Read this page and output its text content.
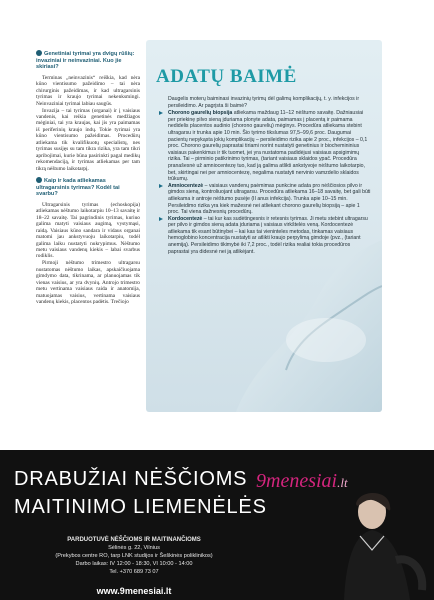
Genetiniai tyrimai yra dvigų rūšių: invaziniai ir neinvaziniai. Kuo jie skiriasi?

Terminas „neinvazinis“ reiškia, kad nėra kūno vientisumo pažeidimo – tai nėra chirurginis pažeidimas, ir kad ultragarsinis tyrimas ir kraujo tyrimai nekenksmingi. Neinvaziniai tyrimai labiau saugūs.

Invazija – tai tyrimas (organai) ir į vaisiaus vandenis, kai reikia genetinės medžiagos mėginiai, tai yra kraujas, kai jis yra paimamas iš periferinių kraujo indų. Tokie tyrimai yra kūno vientisumo pažeidimas. Procedūrų atliekama tik kvalifikuotų specialistų, nes tyrimas susijęs su tam tikra rizika, yra tam tikri apribojimai, kurie būna pasirinkti pagal medikų rekomendaciją, ir tyrimas atliekamas per tam tikrą nėštumo laikotarpį.

Kaip ir kada atliekamas ultragarsinis tyrimas? Kodėl tai svarbu?

Ultragarsinis tyrimas (echoskopija) atliekamas nėštumo laikotarpiu 10–13 savaitę ir 18–22 savaitę. Tai pagrindinis tyrimas, kuriuo galima matyti vaisiaus augimą, vystymąsi, raidą. Vaisiaus kūno sandara ir vidaus organai matomi jau ankstyvuoju laikotarpiu, todėl galima laiku nustatyti nukrypimus. Nėštumo metu vaisiaus vandenų kiekis – labai svarbus rodiklis.

Pirmoji nėštumo trimestro ultragarsu nustatomas nėštumo laikas, apskaičiuojama gimdymo data, tikrinama, ar planuojamas tik vienas vaisius, ar yra dvynių. Antrojo trimestro metu vertinama vaisiaus raida ir anatomija, matuojamas vaisius, vertinama vaisiaus vandenų kiekis, placentos padėtis. Trečiojo

ADATŲ BAIMĖ
Daugelis moterų baiminasi invazinių tyrimų dėl galimų komplikacijų, t. y. infekcijos ir persileidimo. Ar pagrįsta ši baimė?
Chorono gaurelių biopsija atliekama maždaug 11–12 nėštumo savaitę. Dažniausiai per priekinę pilvo sieną įduriama plonyte adata, paimamas į placentą ir paimama nedidelis placentos audinio (chorono gaurelių) mėginys. Procedūra atliekama stebint ultragarsu ir trunka apie 10 min. Šio tyrimo tikslumas 97,5–99,6 proc. Daugumai pacientų nepykąsta jokių komplikacijų – persileidimo rizika apie 2 proc., infekcijos – 0,1 proc. Chorono gaurelių paprastai tiriami norint nustatyti genetinius ir biochemininius vaisiaus pakenkimus ir tik tuomet, jei yra nustatoma padidėjusi vaisiaus apsigimimų rizika. Tai – pirminio patikrinimo tyrimas, (tariant vaisiaus sklaidos ypač. Procedūra pranašesnė už amniocentezę tuo, kad ją galima atlikti ankstyvoje nėštumo laikotarpio, bet, skirtingai nei per amniocentezę, negalima nustatyti nervinio vamzdelio sklaidos trūkumų.
Amniocentezė – vaisiaus vandenų paėmimas punkcine adata pro nėščiosios pilvo ir gimdos sieną, kontroliuojant ultragarsu. Procedūra atliekama 16–18 savaitę, bet gali būti atliekama ir antroje nėštumo pusėje (II anus infekcija). Trunka apie 10–15 min. Persileidimo rizika yra kiek mažesnė nei atliekant chorono gaurelių biopsiją – apie 1 proc. Tai viena dažnesnių procedūrų.
Kordocentezė – tai kur kas sudėtingesnis ir retesnis tyrimas. Ji metu stebint ultragarsu per pilvo ir gimdos sieną adata įduriama į vaisiaus virkštelės veną. Kordocentezė atliekama tik esant būtinybei – kai kas tai vieninteles metodas, tinkamas vaisiaus hemoglobino koncentracija nustatyti ar atlikti kraujo perpylimą gimdoje (pvz., (tariant anemiją). Persileidimo tikimybė iki 7,2 proc., todėl rizika realiai tokia procedūros paprastai yra didesnė nei ją atlikėjant.
DRABUŽIAI NĖŠČIOMS
MAITINIMO LIEMENĖLĖS
9menesiai.lt
PARDUOTUVĖ NĖŠČIOMS IR MAITINANČIOMS
Sėlinės g. 22, Vilnius
(Prekybos centre RO, tarp LNK studijos ir Šeškinės poliklinikos)
Darbo laikas: IV 12:00 - 18:30, VI 10:00 - 14:00
Tel. +370 689 73 07
www.9menesiai.lt
